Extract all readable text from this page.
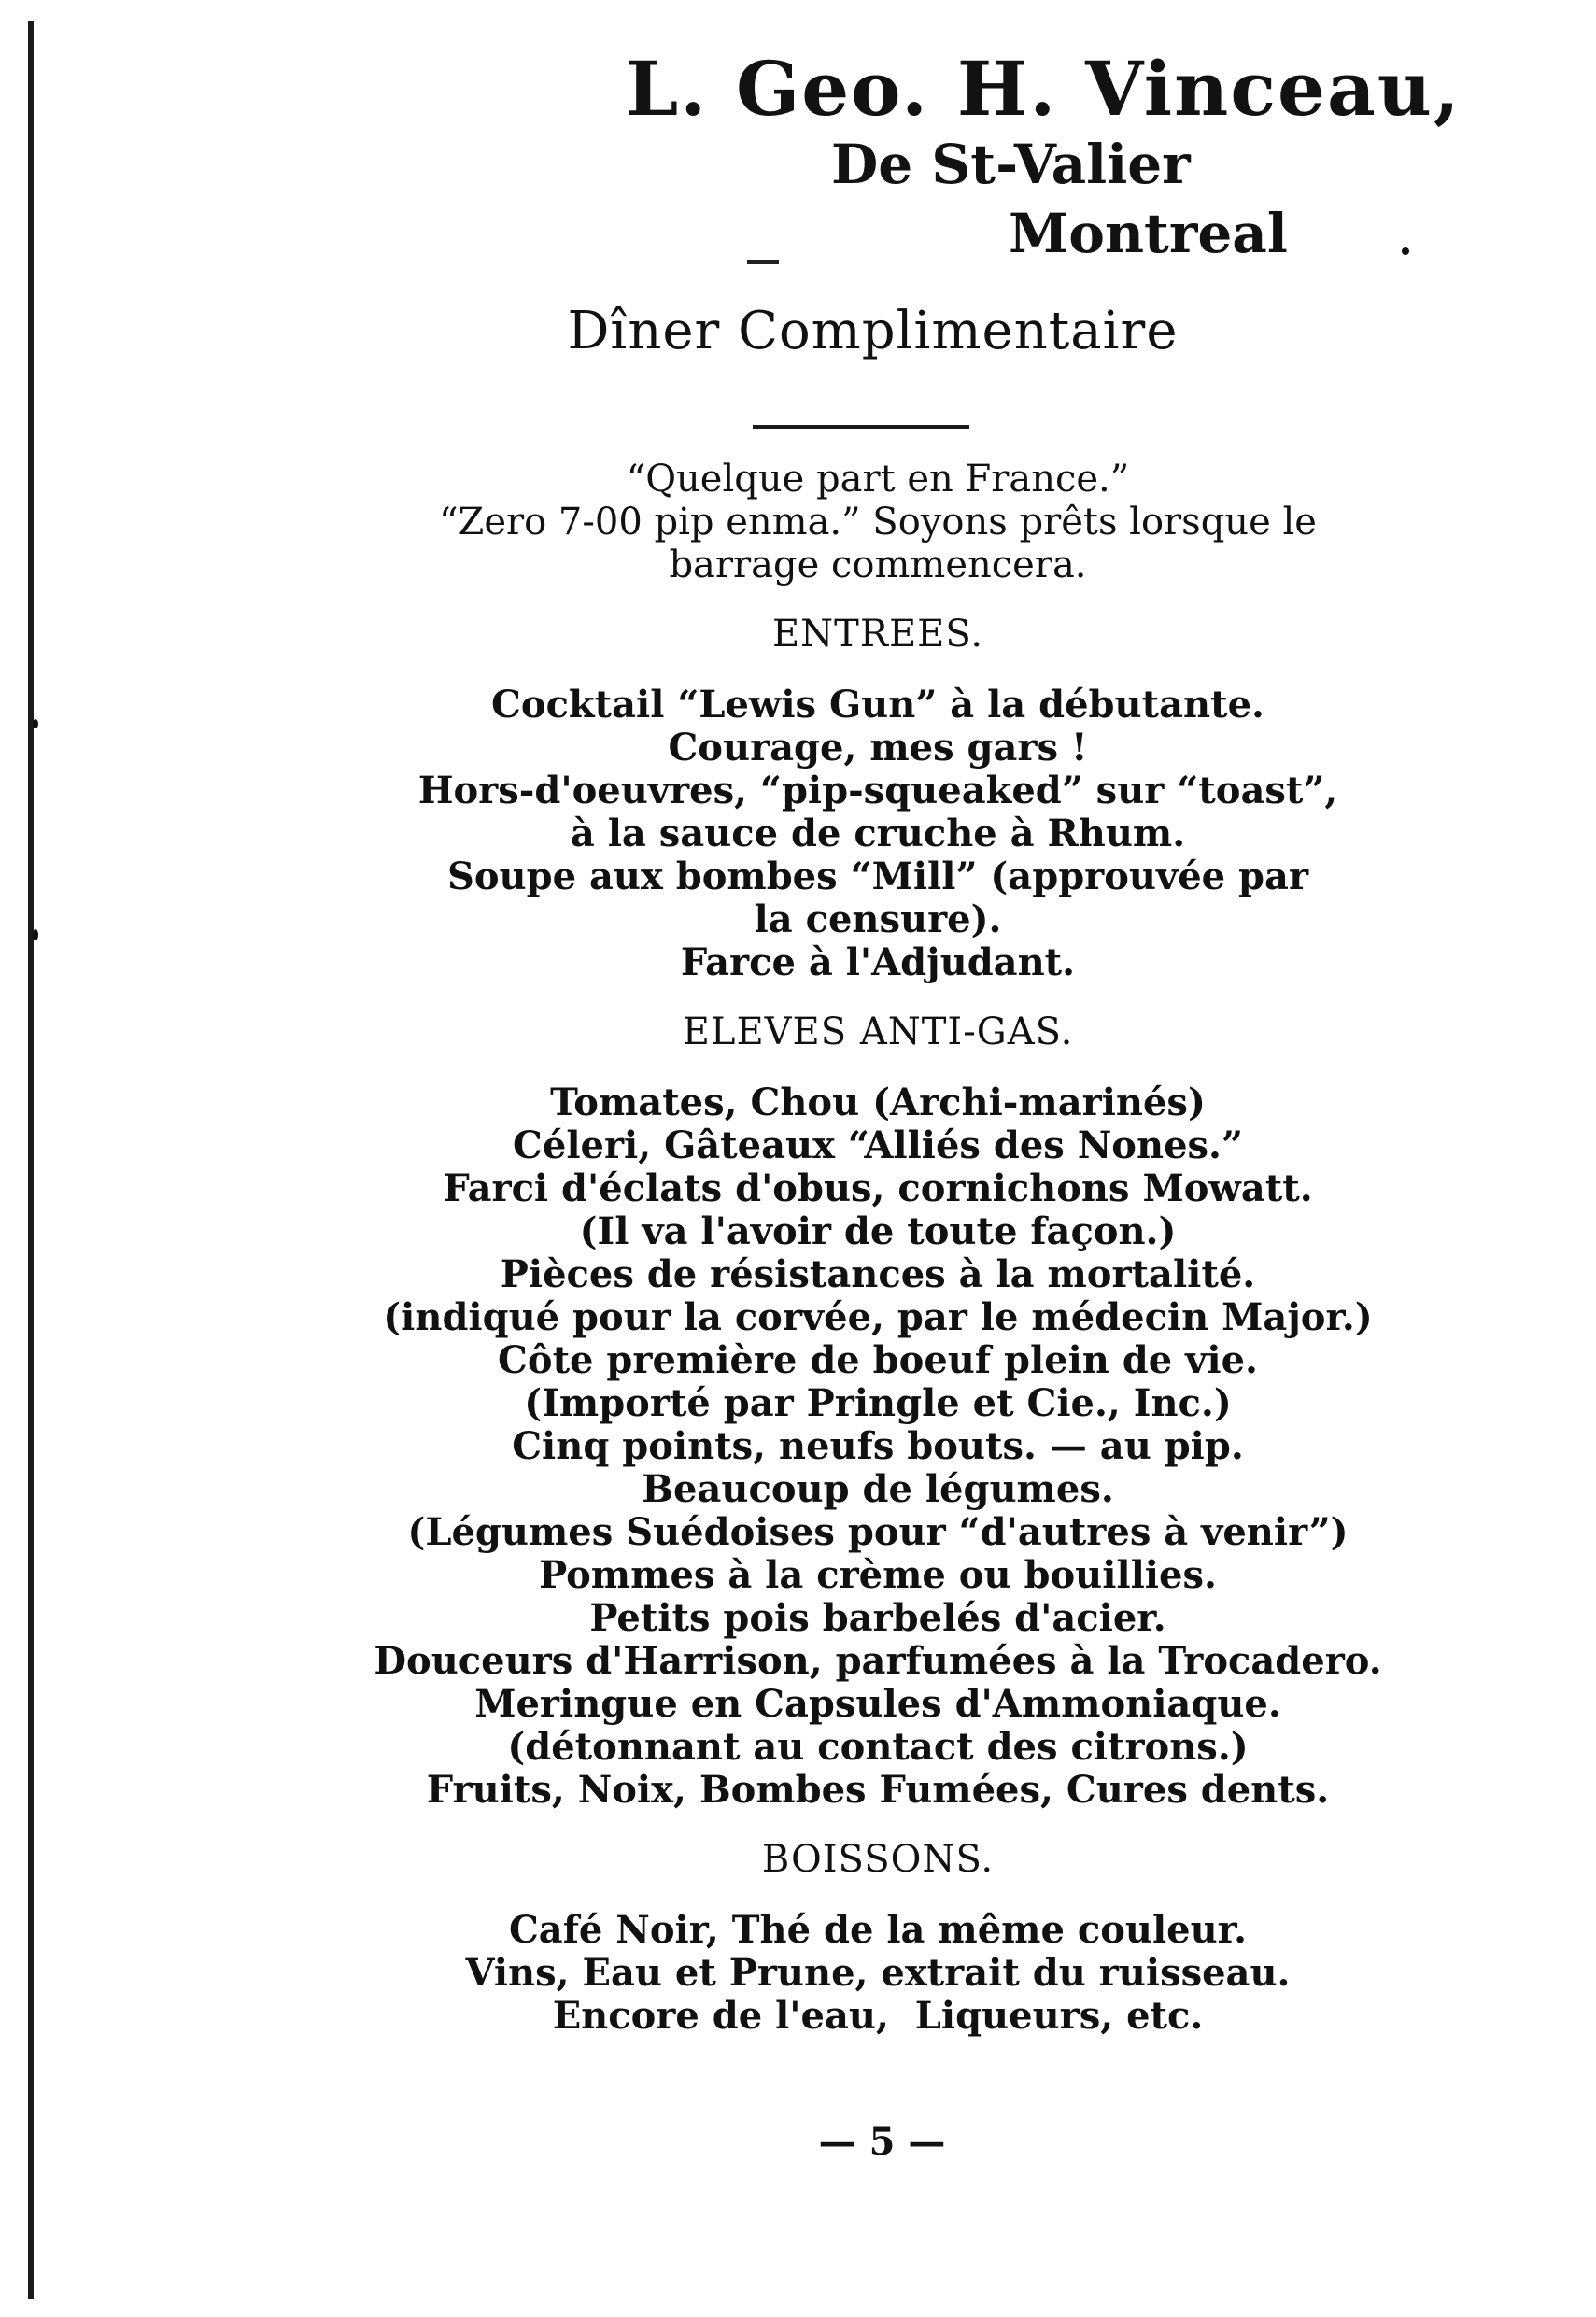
L. Geo. H. Vinceau,
De St-Valier
Montreal
Dîner Complimentaire
“Quelque part en France.”
“Zero 7-00 pip enma.” Soyons prêts lorsque le
barrage commencera.
ENTREES.
Cocktail “Lewis Gun” à la débutante.
Courage, mes gars !
Hors-d'oeuvres, “pip-squeaked” sur “toast”,
à la sauce de cruche à Rhum.
Soupe aux bombes “Mill” (approuvée par
la censure).
Farce à l'Adjudant.
ELEVES ANTI-GAS.
Tomates, Chou (Archi-marinés)
Céleri, Gâteaux “Alliés des Nones.”
Farci d'éclats d'obus, cornichons Mowatt.
(Il va l'avoir de toute façon.)
Pièces de résistances à la mortalité.
(indiqué pour la corvée, par le médecin Major.)
Côte première de boeuf plein de vie.
(Importé par Pringle et Cie., Inc.)
Cinq points, neufs bouts. — au pip.
Beaucoup de légumes.
(Légumes Suédoises pour “d'autres à venir”)
Pommes à la crème ou bouillies.
Petits pois barbelés d'acier.
Douceurs d'Harrison, parfumées à la Trocadero.
Meringue en Capsules d'Ammoniaque.
(détonnant au contact des citrons.)
Fruits, Noix, Bombes Fumées, Cures dents.
BOISSONS.
Café Noir, Thé de la même couleur.
Vins, Eau et Prune, extrait du ruisseau.
Encore de l'eau,  Liqueurs, etc.
— 5 —
